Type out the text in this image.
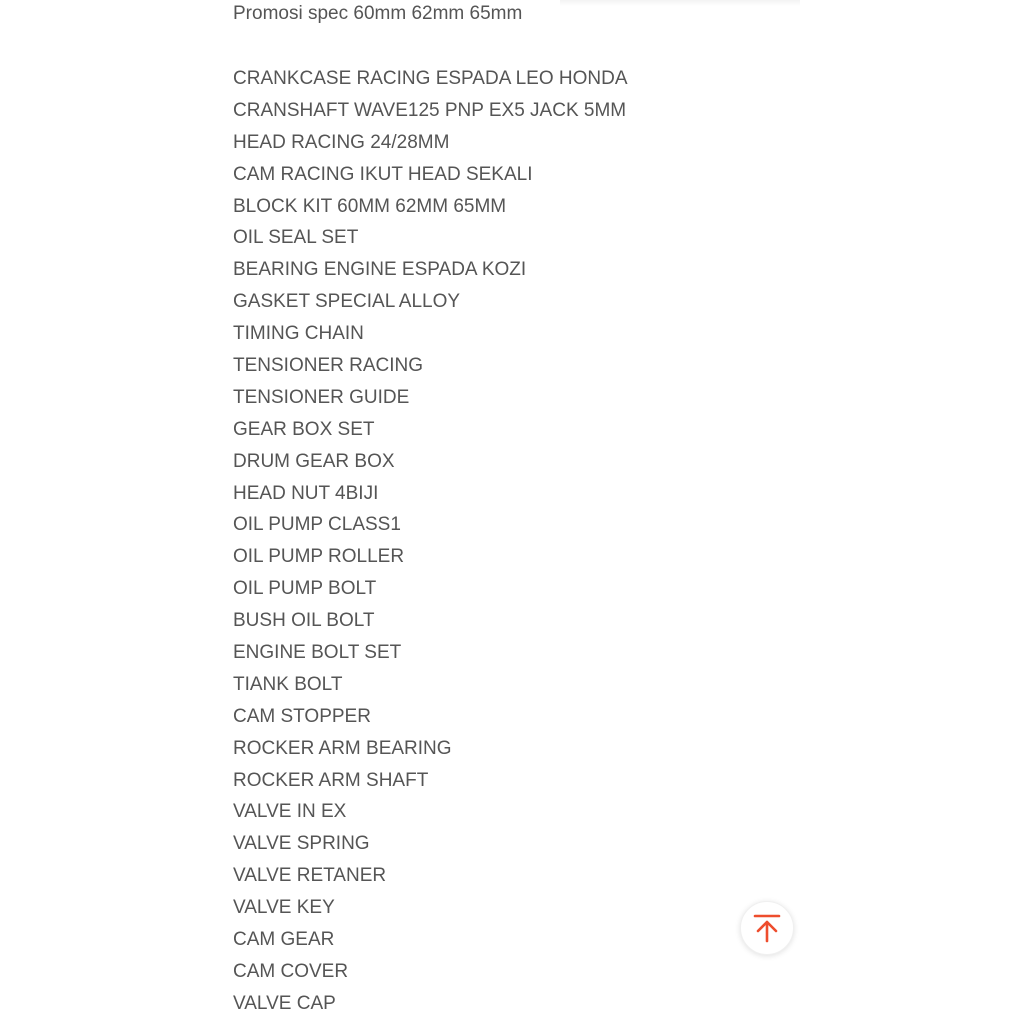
Promosi spec 60mm 62mm 65mm
CRANKCASE RACING ESPADA LEO HONDA
CRANSHAFT WAVE125 PNP EX5 JACK 5MM
HEAD RACING 24/28MM
CAM RACING IKUT HEAD SEKALI
BLOCK KIT 60MM 62MM 65MM
OIL SEAL SET
BEARING ENGINE ESPADA KOZI
GASKET SPECIAL ALLOY
TIMING CHAIN
TENSIONER RACING
TENSIONER GUIDE
GEAR BOX SET
DRUM GEAR BOX
HEAD NUT 4BIJI
OIL PUMP CLASS1
OIL PUMP ROLLER
OIL PUMP BOLT
BUSH OIL BOLT
ENGINE BOLT SET
TIANK BOLT
CAM STOPPER
ROCKER ARM BEARING
ROCKER ARM SHAFT
VALVE IN EX
VALVE SPRING
VALVE RETANER
VALVE KEY
CAM GEAR
CAM COVER
VALVE CAP
